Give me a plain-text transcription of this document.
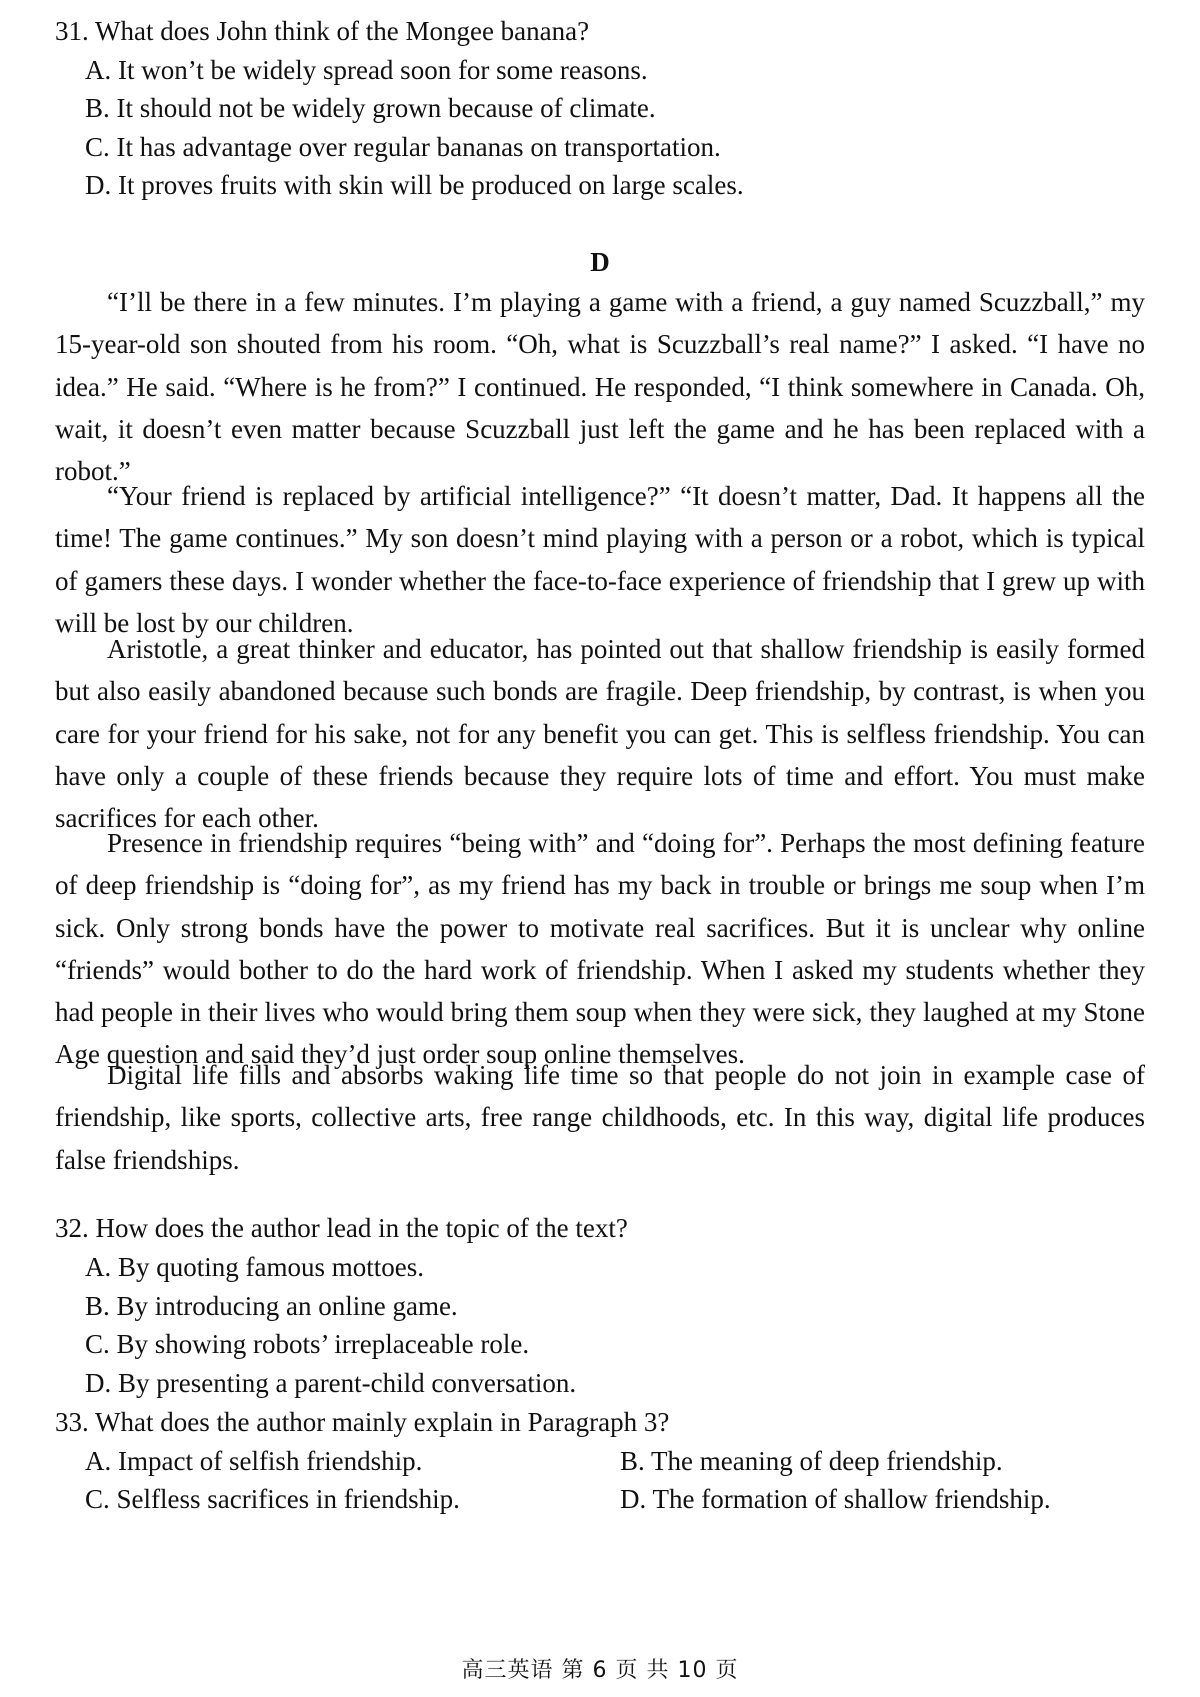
31. What does John think of the Mongee banana?
A. It won’t be widely spread soon for some reasons.
B. It should not be widely grown because of climate.
C. It has advantage over regular bananas on transportation.
D. It proves fruits with skin will be produced on large scales.
D
“I’ll be there in a few minutes. I’m playing a game with a friend, a guy named Scuzzball,” my 15-year-old son shouted from his room. “Oh, what is Scuzzball’s real name?” I asked. “I have no idea.” He said. “Where is he from?” I continued. He responded, “I think somewhere in Canada. Oh, wait, it doesn’t even matter because Scuzzball just left the game and he has been replaced with a robot.”
“Your friend is replaced by artificial intelligence?” “It doesn’t matter, Dad. It happens all the time! The game continues.” My son doesn’t mind playing with a person or a robot, which is typical of gamers these days. I wonder whether the face-to-face experience of friendship that I grew up with will be lost by our children.
Aristotle, a great thinker and educator, has pointed out that shallow friendship is easily formed but also easily abandoned because such bonds are fragile. Deep friendship, by contrast, is when you care for your friend for his sake, not for any benefit you can get. This is selfless friendship. You can have only a couple of these friends because they require lots of time and effort. You must make sacrifices for each other.
Presence in friendship requires “being with” and “doing for”. Perhaps the most defining feature of deep friendship is “doing for”, as my friend has my back in trouble or brings me soup when I’m sick. Only strong bonds have the power to motivate real sacrifices. But it is unclear why online “friends” would bother to do the hard work of friendship. When I asked my students whether they had people in their lives who would bring them soup when they were sick, they laughed at my Stone Age question and said they’d just order soup online themselves.
Digital life fills and absorbs waking life time so that people do not join in example case of friendship, like sports, collective arts, free range childhoods, etc. In this way, digital life produces false friendships.
32. How does the author lead in the topic of the text?
A. By quoting famous mottoes.
B. By introducing an online game.
C. By showing robots’ irreplaceable role.
D. By presenting a parent-child conversation.
33. What does the author mainly explain in Paragraph 3?
A. Impact of selfish friendship.	B. The meaning of deep friendship.
C. Selfless sacrifices in friendship.	D. The formation of shallow friendship.
高三英语 第 6 页 共 10 页
